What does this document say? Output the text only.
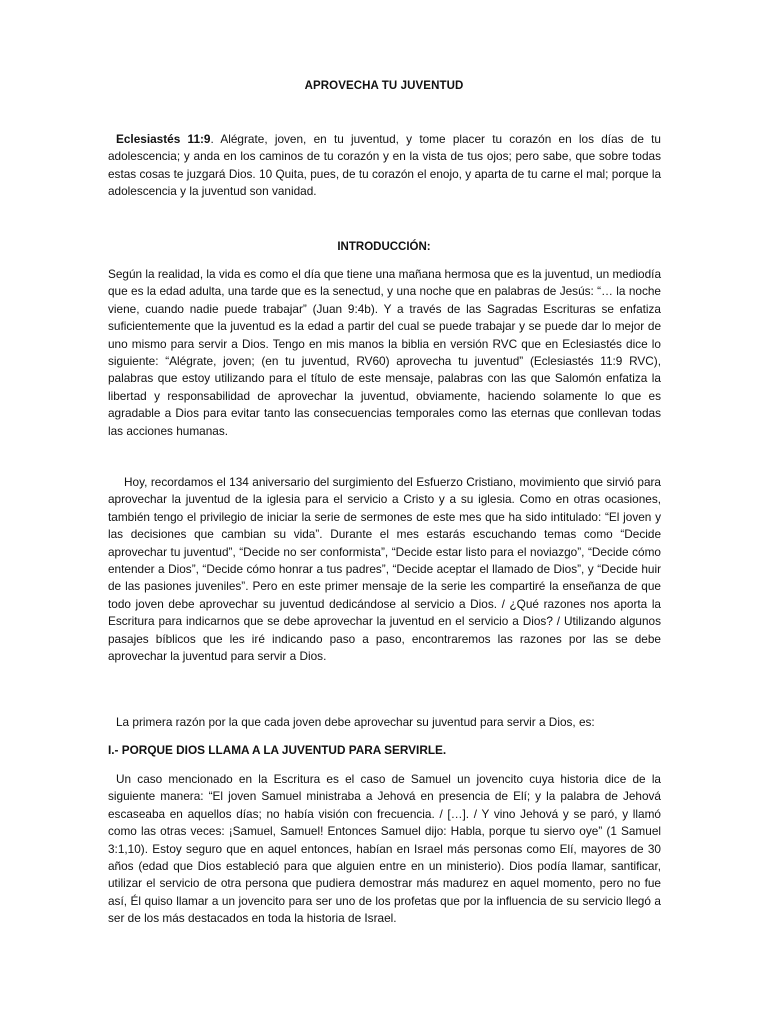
APROVECHA TU JUVENTUD
Eclesiastés 11:9. Alégrate, joven, en tu juventud, y tome placer tu corazón en los días de tu adolescencia; y anda en los caminos de tu corazón y en la vista de tus ojos; pero sabe, que sobre todas estas cosas te juzgará Dios. 10 Quita, pues, de tu corazón el enojo, y aparta de tu carne el mal; porque la adolescencia y la juventud son vanidad.
INTRODUCCIÓN:
Según la realidad, la vida es como el día que tiene una mañana hermosa que es la juventud, un mediodía que es la edad adulta, una tarde que es la senectud, y una noche que en palabras de Jesús: “… la noche viene, cuando nadie puede trabajar” (Juan 9:4b). Y a través de las Sagradas Escrituras se enfatiza suficientemente que la juventud es la edad a partir del cual se puede trabajar y se puede dar lo mejor de uno mismo para servir a Dios. Tengo en mis manos la biblia en versión RVC que en Eclesiastés dice lo siguiente: “Alégrate, joven; (en tu juventud, RV60) aprovecha tu juventud” (Eclesiastés 11:9 RVC), palabras que estoy utilizando para el título de este mensaje, palabras con las que Salomón enfatiza la libertad y responsabilidad de aprovechar la juventud, obviamente, haciendo solamente lo que es agradable a Dios para evitar tanto las consecuencias temporales como las eternas que conllevan todas las acciones humanas.
Hoy, recordamos el 134 aniversario del surgimiento del Esfuerzo Cristiano, movimiento que sirvió para aprovechar la juventud de la iglesia para el servicio a Cristo y a su iglesia. Como en otras ocasiones, también tengo el privilegio de iniciar la serie de sermones de este mes que ha sido intitulado: “El joven y las decisiones que cambian su vida”. Durante el mes estarás escuchando temas como “Decide aprovechar tu juventud”, “Decide no ser conformista”, “Decide estar listo para el noviazgo”, “Decide cómo entender a Dios”, “Decide cómo honrar a tus padres”, “Decide aceptar el llamado de Dios”, y “Decide huir de las pasiones juveniles”. Pero en este primer mensaje de la serie les compartiré la enseñanza de que todo joven debe aprovechar su juventud dedicándose al servicio a Dios. / ¿Qué razones nos aporta la Escritura para indicarnos que se debe aprovechar la juventud en el servicio a Dios? / Utilizando algunos pasajes bíblicos que les iré indicando paso a paso, encontraremos las razones por las se debe aprovechar la juventud para servir a Dios.
La primera razón por la que cada joven debe aprovechar su juventud para servir a Dios, es:
I.- PORQUE DIOS LLAMA A LA JUVENTUD PARA SERVIRLE.
Un caso mencionado en la Escritura es el caso de Samuel un jovencito cuya historia dice de la siguiente manera: “El joven Samuel ministraba a Jehová en presencia de Elí; y la palabra de Jehová escaseaba en aquellos días; no había visión con frecuencia. / […]. / Y vino Jehová y se paró, y llamó como las otras veces: ¡Samuel, Samuel! Entonces Samuel dijo: Habla, porque tu siervo oye” (1 Samuel 3:1,10). Estoy seguro que en aquel entonces, habían en Israel más personas como Elí, mayores de 30 años (edad que Dios estableció para que alguien entre en un ministerio). Dios podía llamar, santificar, utilizar el servicio de otra persona que pudiera demostrar más madurez en aquel momento, pero no fue así, Él quiso llamar a un jovencito para ser uno de los profetas que por la influencia de su servicio llegó a ser de los más destacados en toda la historia de Israel.
